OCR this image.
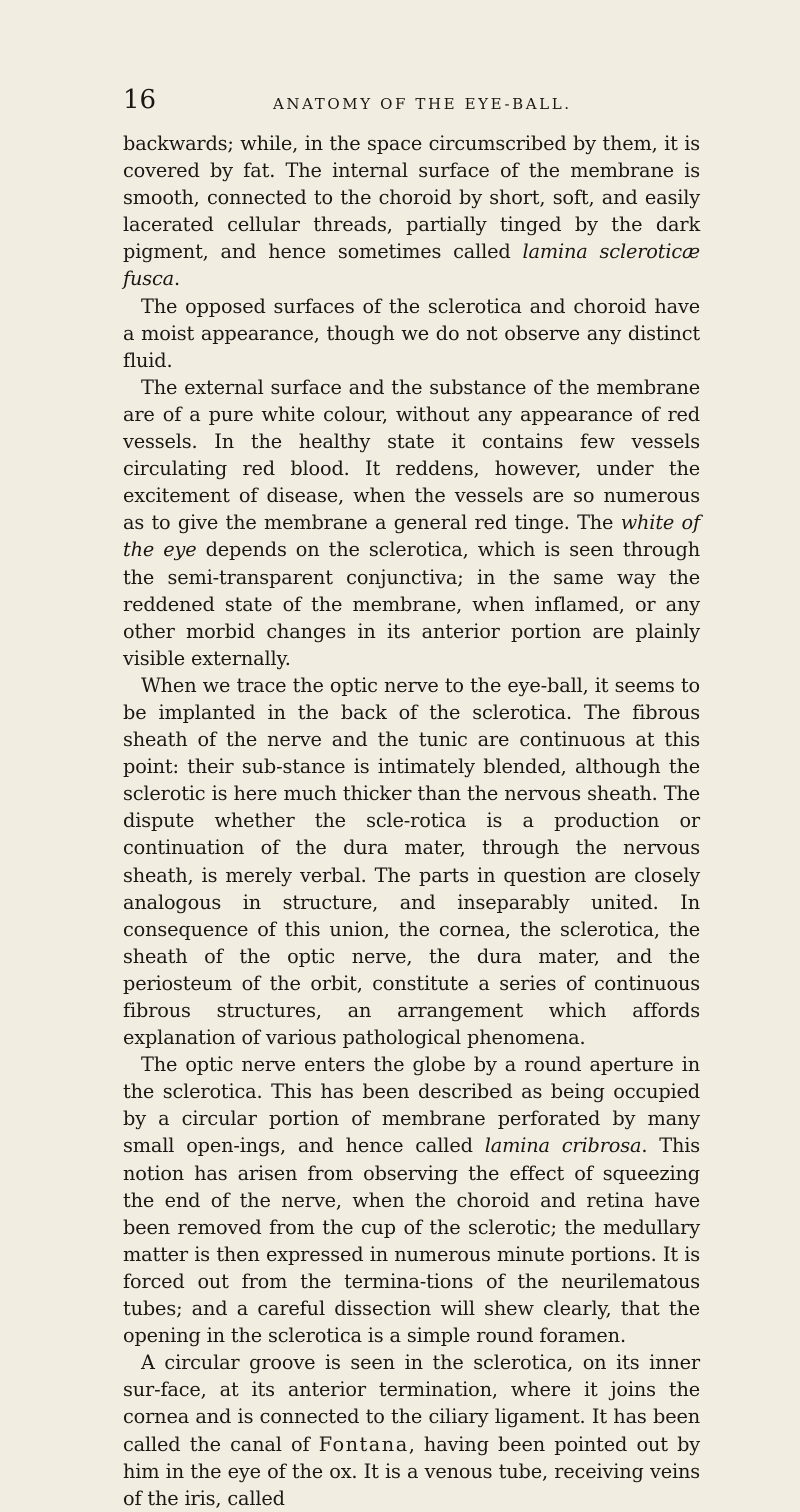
16	ANATOMY OF THE EYE-BALL.

backwards; while, in the space circumscribed by them, it is covered by fat. The internal surface of the membrane is smooth, connected to the choroid by short, soft, and easily lacerated cellular threads, partially tinged by the dark pigment, and hence sometimes called lamina scleroticæ fusca.

The opposed surfaces of the sclerotica and choroid have a moist appearance, though we do not observe any distinct fluid.

The external surface and the substance of the membrane are of a pure white colour, without any appearance of red vessels. In the healthy state it contains few vessels circulating red blood. It reddens, however, under the excitement of disease, when the vessels are so numerous as to give the membrane a general red tinge. The white of the eye depends on the sclerotica, which is seen through the semi-transparent conjunctiva; in the same way the reddened state of the membrane, when inflamed, or any other morbid changes in its anterior portion are plainly visible externally.

When we trace the optic nerve to the eye-ball, it seems to be implanted in the back of the sclerotica. The fibrous sheath of the nerve and the tunic are continuous at this point: their sub-stance is intimately blended, although the sclerotic is here much thicker than the nervous sheath. The dispute whether the scle-rotica is a production or continuation of the dura mater, through the nervous sheath, is merely verbal. The parts in question are closely analogous in structure, and inseparably united. In consequence of this union, the cornea, the sclerotica, the sheath of the optic nerve, the dura mater, and the periosteum of the orbit, constitute a series of continuous fibrous structures, an arrangement which affords explanation of various pathological phenomena.

The optic nerve enters the globe by a round aperture in the sclerotica. This has been described as being occupied by a circular portion of membrane perforated by many small open-ings, and hence called lamina cribrosa. This notion has arisen from observing the effect of squeezing the end of the nerve, when the choroid and retina have been removed from the cup of the sclerotic; the medullary matter is then expressed in numerous minute portions. It is forced out from the termina-tions of the neurilematous tubes; and a careful dissection will shew clearly, that the opening in the sclerotica is a simple round foramen.

A circular groove is seen in the sclerotica, on its inner sur-face, at its anterior termination, where it joins the cornea and is connected to the ciliary ligament. It has been called the canal of Fontana, having been pointed out by him in the eye of the ox. It is a venous tube, receiving veins of the iris, called
